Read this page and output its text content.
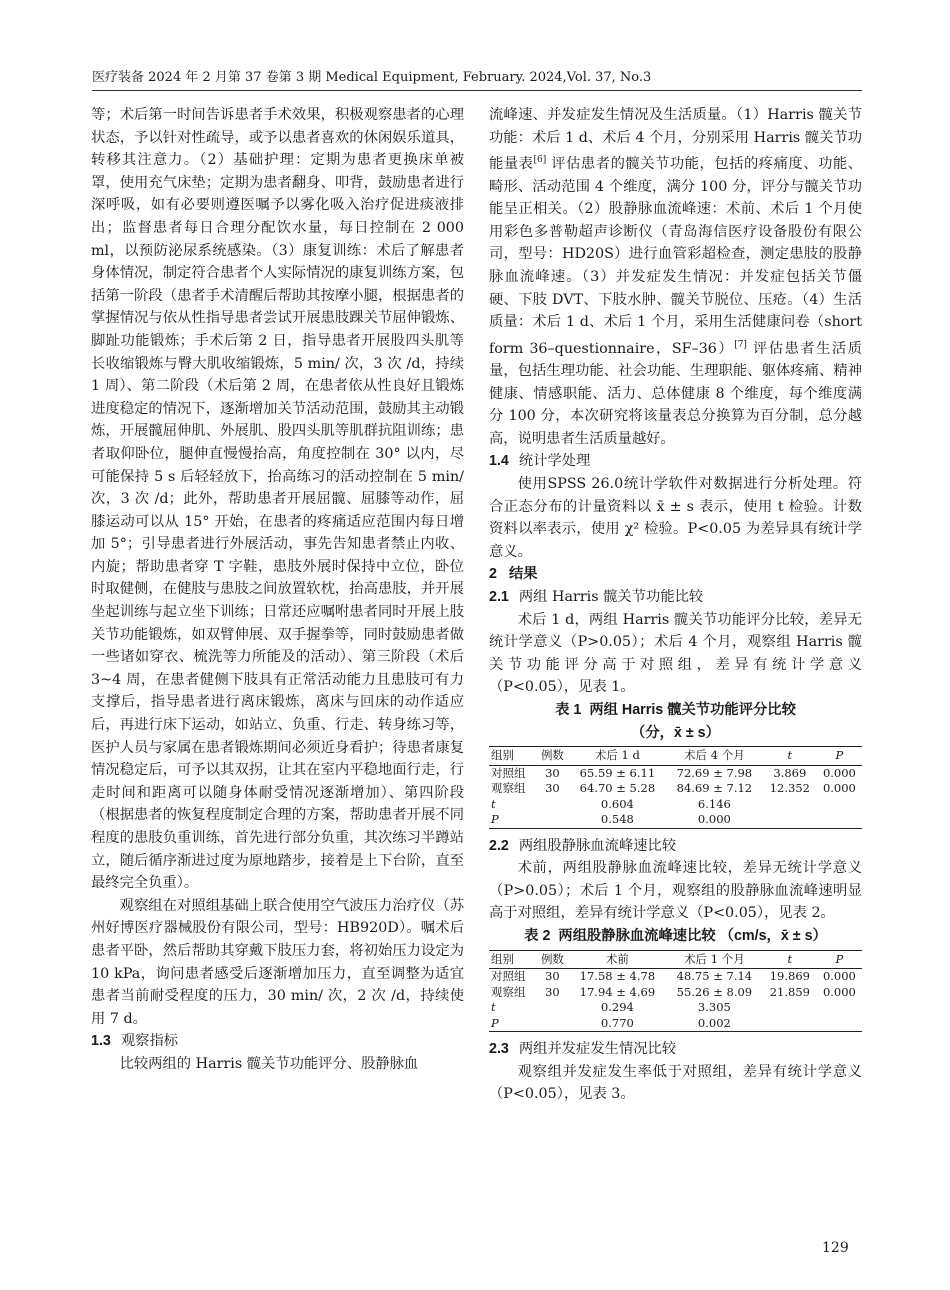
医疗装备 2024 年 2 月第 37 卷第 3 期 Medical Equipment, February. 2024,Vol. 37, No.3

等；术后第一时间告诉患者手术效果，积极观察患者的心理状态，予以针对性疏导，或予以患者喜欢的休闲娱乐道具，转移其注意力。（2）基础护理：定期为患者更换床单被罩，使用充气床垫；定期为患者翻身、叩背，鼓励患者进行深呼吸，如有必要则遵医嘱予以雾化吸入治疗促进痰液排出；监督患者每日合理分配饮水量，每日控制在 2 000 ml，以预防泌尿系统感染。（3）康复训练：术后了解患者身体情况，制定符合患者个人实际情况的康复训练方案，包括第一阶段（患者手术清醒后帮助其按摩小腿，根据患者的掌握情况与依从性指导患者尝试开展患肢踝关节屈伸锻炼、脚趾功能锻炼；手术后第 2 日，指导患者开展股四头肌等长收缩锻炼与臀大肌收缩锻炼，5 min/ 次，3 次 /d，持续 1 周）、第二阶段（术后第 2 周，在患者依从性良好且锻炼进度稳定的情况下，逐渐增加关节活动范围，鼓励其主动锻炼，开展髋屈伸肌、外展肌、股四头肌等肌群抗阻训练；患者取仰卧位，腿伸直慢慢抬高，角度控制在 30° 以内，尽可能保持 5 s 后轻轻放下，抬高练习的活动控制在 5 min/ 次，3 次 /d；此外，帮助患者开展屈髋、屈膝等动作，屈膝运动可以从 15° 开始，在患者的疼痛适应范围内每日增加 5°；引导患者进行外展活动，事先告知患者禁止内收、内旋；帮助患者穿 T 字鞋，患肢外展时保持中立位，卧位时取健侧，在健肢与患肢之间放置软枕，抬高患肢，并开展坐起训练与起立坐下训练；日常还应嘱咐患者同时开展上肢关节功能锻炼，如双臂伸展、双手握拳等，同时鼓励患者做一些诸如穿衣、梳洗等力所能及的活动）、第三阶段（术后 3~4 周，在患者健侧下肢具有正常活动能力且患肢可有力支撑后，指导患者进行离床锻炼，离床与回床的动作适应后，再进行床下运动，如站立、负重、行走、转身练习等，医护人员与家属在患者锻炼期间必须近身看护；待患者康复情况稳定后，可予以其双拐，让其在室内平稳地面行走，行走时间和距离可以随身体耐受情况逐渐增加）、第四阶段（根据患者的恢复程度制定合理的方案，帮助患者开展不同程度的患肢负重训练，首先进行部分负重，其次练习半蹲站立，随后循序渐进过度为原地踏步，接着是上下台阶，直至最终完全负重）。

观察组在对照组基础上联合使用空气波压力治疗仪（苏州好博医疗器械股份有限公司，型号：HB920D）。嘱术后患者平卧，然后帮助其穿戴下肢压力套，将初始压力设定为 10 kPa，询问患者感受后逐渐增加压力，直至调整为适宜患者当前耐受程度的压力，30 min/ 次，2 次 /d，持续使用 7 d。

1.3 观察指标

比较两组的 Harris 髋关节功能评分、股静脉血

流峰速、并发症发生情况及生活质量。（1）Harris 髋关节功能：术后 1 d、术后 4 个月，分别采用 Harris 髋关节功能量表[6] 评估患者的髋关节功能，包括的疼痛度、功能、畸形、活动范围 4 个维度，满分 100 分，评分与髋关节功能呈正相关。（2）股静脉血流峰速：术前、术后 1 个月使用彩色多普勒超声诊断仪（青岛海信医疗设备股份有限公司，型号：HD20S）进行血管彩超检查，测定患肢的股静脉血流峰速。（3）并发症发生情况：并发症包括关节僵硬、下肢 DVT、下肢水肿、髋关节脱位、压疮。（4）生活质量：术后 1 d、术后 1 个月，采用生活健康问卷（short form 36–questionnaire，SF–36）[7] 评估患者生活质量，包括生理功能、社会功能、生理职能、躯体疼痛、精神健康、情感职能、活力、总体健康 8 个维度，每个维度满分 100 分，本次研究将该量表总分换算为百分制，总分越高，说明患者生活质量越好。

1.4 统计学处理

使用SPSS 26.0统计学软件对数据进行分析处理。符合正态分布的计量资料以 x̄ ± s 表示，使用 t 检验。计数资料以率表示，使用 χ² 检验。P<0.05 为差异具有统计学意义。

2 结果
2.1 两组 Harris 髋关节功能比较

术后 1 d，两组 Harris 髋关节功能评分比较，差异无统计学意义（P>0.05）；术后 4 个月，观察组 Harris 髋关节功能评分高于对照组，差异有统计学意义（P<0.05），见表 1。

表 1 两组 Harris 髋关节功能评分比较
（分，x̄ ± s）
组别	例数	术后 1 d	术后 4 个月	t	P
对照组	30	65.59 ± 6.11	72.69 ± 7.98	3.869	0.000
观察组	30	64.70 ± 5.28	84.69 ± 7.12	12.352	0.000
t		0.604	6.146		
P		0.548	0.000		
2.2 两组股静脉血流峰速比较

术前，两组股静脉血流峰速比较，差异无统计学意义（P>0.05）；术后 1 个月，观察组的股静脉血流峰速明显高于对照组，差异有统计学意义（P<0.05），见表 2。

表 2 两组股静脉血流峰速比较 （cm/s，x̄ ± s）
组别	例数	术前	术后 1 个月	t	P
对照组	30	17.58 ± 4.78	48.75 ± 7.14	19.869	0.000
观察组	30	17.94 ± 4.69	55.26 ± 8.09	21.859	0.000
t		0.294	3.305		
P		0.770	0.002		
2.3 两组并发症发生情况比较

观察组并发症发生率低于对照组，差异有统计学意义（P<0.05），见表 3。

129
